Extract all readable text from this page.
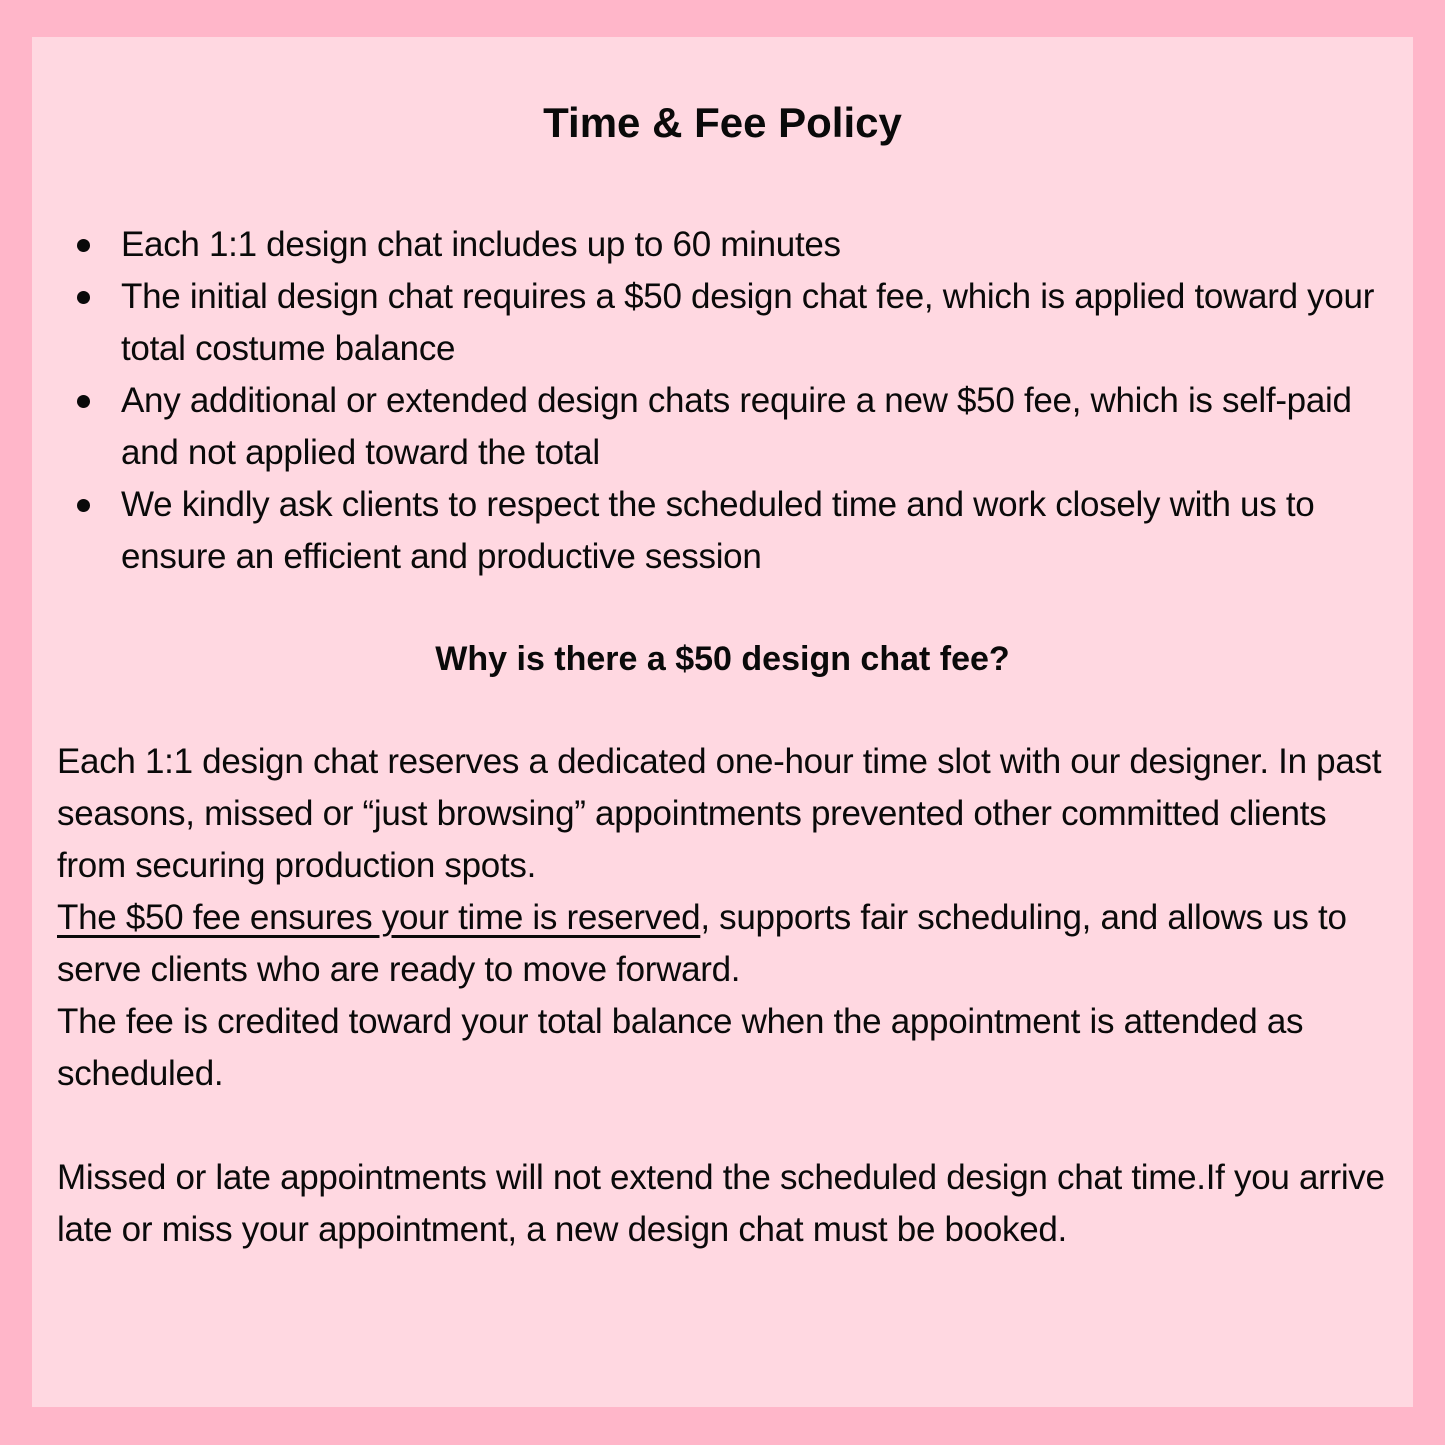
Time & Fee Policy
Each 1:1 design chat includes up to 60 minutes
The initial design chat requires a $50 design chat fee, which is applied toward your total costume balance
Any additional or extended design chats require a new $50 fee, which is self-paid and not applied toward the total
We kindly ask clients to respect the scheduled time and work closely with us to ensure an efficient and productive session
Why is there a $50 design chat fee?

Each 1:1 design chat reserves a dedicated one-hour time slot with our designer. In past seasons, missed or “just browsing” appointments prevented other committed clients from securing production spots.
The $50 fee ensures your time is reserved, supports fair scheduling, and allows us to serve clients who are ready to move forward.
The fee is credited toward your total balance when the appointment is attended as scheduled.

Missed or late appointments will not extend the scheduled design chat time.If you arrive late or miss your appointment, a new design chat must be booked.
